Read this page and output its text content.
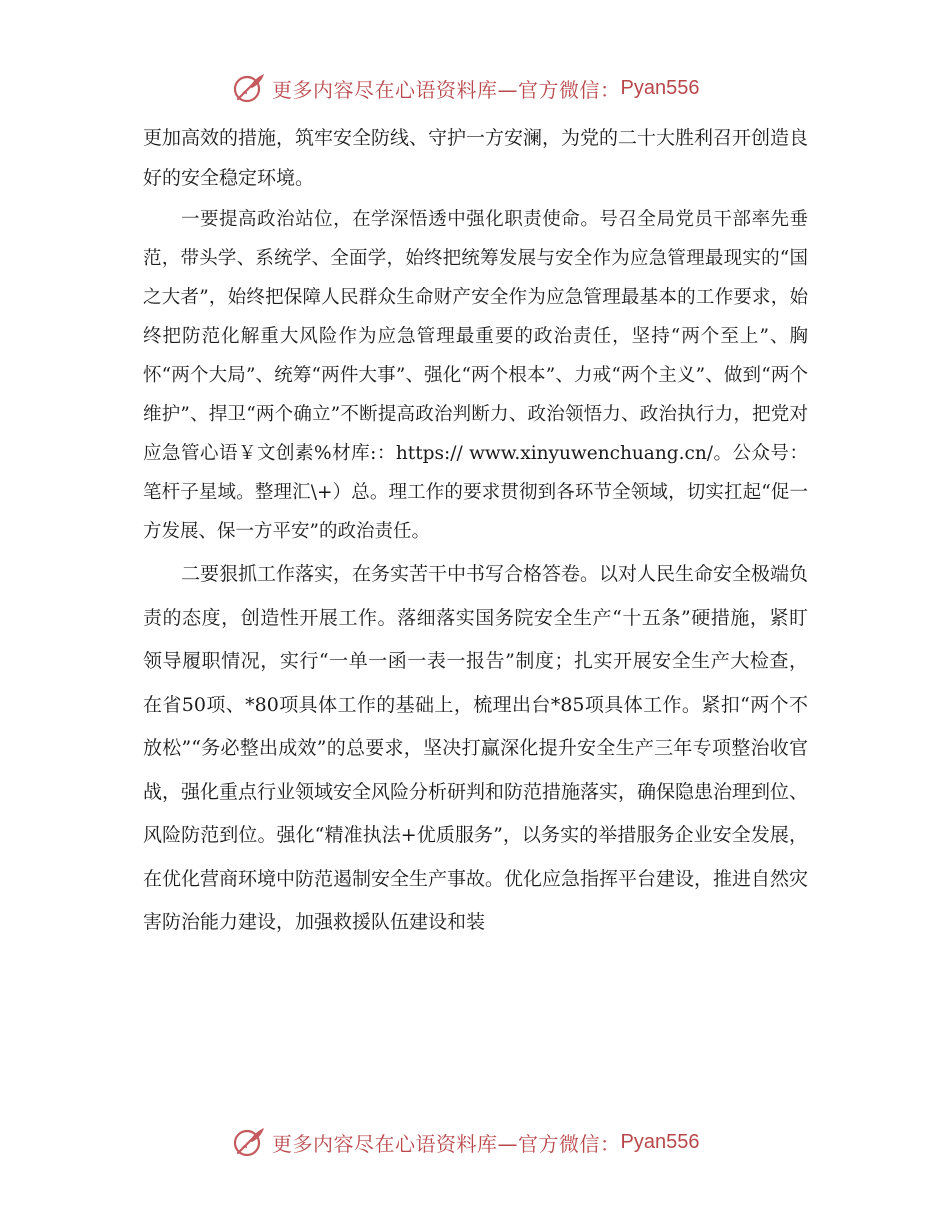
更多内容尽在心语资料库—官方微信： Pyan556

更加高效的措施，筑牢安全防线、守护一方安澜，为党的二十大胜利召开创造良好的安全稳定环境。

一要提高政治站位，在学深悟透中强化职责使命。号召全局党员干部率先垂范，带头学、系统学、全面学，始终把统筹发展与安全作为应急管理最现实的“国之大者”，始终把保障人民群众生命财产安全作为应急管理最基本的工作要求，始终把防范化解重大风险作为应急管理最重要的政治责任，坚持“两个至上”、胸怀“两个大局”、统筹“两件大事”、强化“两个根本”、力戒“两个主义”、做到“两个维护”、捍卫“两个确立”不断提高政治判断力、政治领悟力、政治执行力，把党对应急管心语￥文创素%材库:：https:// www.xinyuwenchuang.cn/。公众号：笔杆子星域。整理汇\+）总。理工作的要求贯彻到各环节全领域，切实扛起“促一方发展、保一方平安”的政治责任。

二要狠抓工作落实，在务实苦干中书写合格答卷。以对人民生命安全极端负责的态度，创造性开展工作。落细落实国务院安全生产“十五条”硬措施，紧盯领导履职情况，实行“一单一函一表一报告”制度；扎实开展安全生产大检查，在省50项、*80项具体工作的基础上，梳理出台*85项具体工作。紧扣“两个不放松”“务必整出成效”的总要求，坚决打赢深化提升安全生产三年专项整治收官战，强化重点行业领域安全风险分析研判和防范措施落实，确保隐患治理到位、风险防范到位。强化“精准执法+优质服务”，以务实的举措服务企业安全发展，在优化营商环境中防范遏制安全生产事故。优化应急指挥平台建设，推进自然灾害防治能力建设，加强救援队伍建设和装

更多内容尽在心语资料库—官方微信： Pyan556
